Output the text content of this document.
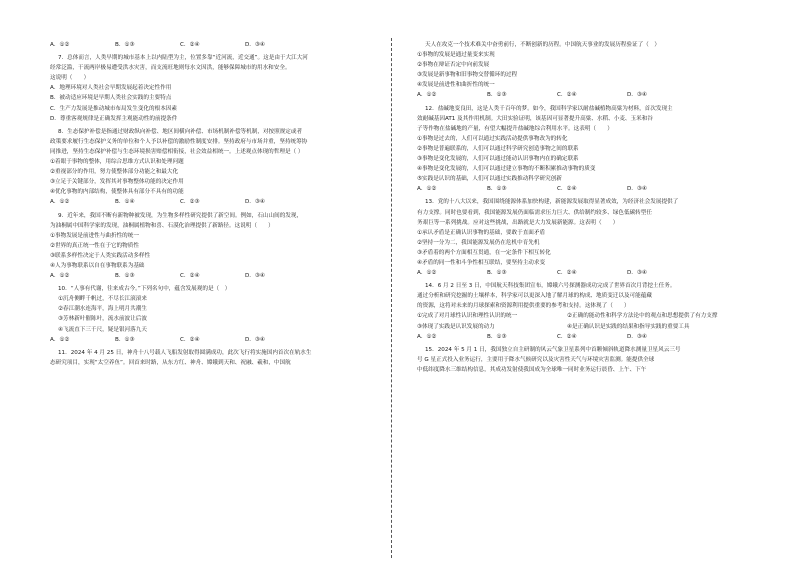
A．①②	B．①③	C．②④	D．③④
7．总体而言，人类早期的城市基本上以内陆型为主，位置多靠“近河流，近交通”。这是由于大江大河
经常泛滥，干流两岸极易遭受洪水灾害，而支流旺地则每水文因洪，能够保障城市的用水和安全。
这说明（　　）
A．地理环境对人类社会早期发展起着决定性作用
B．被动适应环境是早期人类社会实践的主要特点
C．生产力发展是推动城市布局发生变化的根本因素
D．尊重客观规律是正确发挥主观能动性的前提条件
8．生态保护补偿是指通过财政纵向补偿、地区间横向补偿、市场机制补偿等机制，对按照规定或者
政策要求履行生态保护义务的单位和个人予以补偿的激励性制度安排。坚持政府与市场并重，坚持统筹协
同推进，坚持生态保护补偿与生态环境损害赔偿相衔接，社会效益相统一。上述观点体现的哲理是（ ）
①着眼于事物的整体，用综合思维方式认识和处理问题
②重视部分的作用，努力使整体部分功能之和最大化
③立足于关键部分，发挥其对事物整体功能的决定作用
④优化事物的内部结构，使整体具有部分不具有的功能
A．①②	B．①④	C．②③	D．③④
9．近年来，我国不断有新物种被发现，为生物多样性研究提供了新空间。例如，石山山间的发现，
为油桐属中国科学家的发现，油桐属植物和喜、石漠化治理提供了新路径。这说明（　　）
①事物发展是前进性与曲折性的统一
②世界的真正统一性在于它的物质性
③联系多样性决定于人类实践活动多样性
④人为事物联系以自在事物联系为基础
A．①②	B．①③	C．②④	D．③④
10．“人事有代谢，往来成古今。”下列名句中，蕴含发展观的是（　）
①沉舟侧畔千帆过，不尽长江滚滚来
②春江潮水连海平，海上明月共潮生
③芳林新叶催陈叶，流水前波让后波
④飞流直下三千尺，疑是银河落九天
A．①②	B．①③	C．②④	D．③④
11．2024 年 4 月 25 日，神舟十八号载人飞船发射取得圆满成功，此次飞行将实施国内首次在轨水生
态研究项目，实现“太空养鱼”。回首来时路，从东方红、神舟、嫦娥到天和、祝融、羲和，中国航
天人在攻克一个技术难关中奋勇前行，不断创新的历程。中国航天事业的发展历程验证了（　）
①事物的发展是通过量变来实现
②事物在辩证否定中向前发展
③发展是新事物和旧事物交替循环的过程
④发展是前进性和曲折性的统一
A．①②	B．①③	C．②④	D．③④
12．盐碱地变良田，这是人类千百年的梦。如今，我国科学家以耐盐碱植物高粱为材料，首次发现主
效耐碱基因AT1 及其作用机制。大田实验证明，该基因可显著提升高粱、水稻、小麦、玉米和谷
子等作物在盐碱地的产量，有望大幅提升盐碱地综合利用水平。这表明（　　）
①事物是过去的，人们可以通过实践活动提供事物改为的转化
②事物是普遍联系的，人们可以通过科学研究创造事物之间的联系
③事物是变化发展的，人们可以通过能动认识事物内在的确定联系
④事物是变化发展的，人们可以通过建立事物的不断积累推动事物的质变
⑤实践是认识的基础，人们可以通过实践推动科学研究创新
A．①②	B．①③	C．②④	D．③④
13．党的十八大以来，我国围绕能源体系加快构建，新能源发展取得显著成效，为经济社会发展提供了
有力支撑。同时也要看到，我国能源发展仍面临需求压力巨大、供给制约较多、绿色低碳转型任
务艰巨等一系列挑战。应对这些挑战，出路就是大力发展新能源。这表明（　　）
①承认矛盾是正确认识事物的基础，要敢于直面矛盾
②坚持一分为二，我国能源发展仍在危机中育先机
③矛盾着的两个方面相互贯通，在一定条件下相互转化
④矛盾的同一性和斗争性相互联结，要坚持主动求变
A．①②	B．①③	C．②④	D．③④
14．6 月 2 日至 3 日，中国航天科技集团宣布，嫦娥六号探测器成功完成了世界首次月背挖土任务。
通过分析和研究挖掘的土壤样本，科学家可以更深入地了解月球的构成、地质变迁以及可能蕴藏
的资源，这将对未来的月球探索和资源利用提供重要的参考和支持。这体现了（　　）
①完成了对月球性认识和理性认识的统一	②正确的能动性和科学方法论中的观点和思想提供了有力支撑
③体现了实践是认识发展的动力	④是正确认识是实践的结果和指导实践的重要工具
A．①②	B．①③	C．②④	D．③④
15．2024 年 5 月 1 日，我国独立自主研制的风云气象卫星系列中首颗倾斜轨道降水测量卫星风云三号
号 G 星正式投入业务运行，主要用于降水气候研究以及灾害性天气与环境灾害监测。能提供全球
中低纬度降水三维结构信息，其成功发射使我国成为全球唯一同时业务运行晨昏、上午、下午
